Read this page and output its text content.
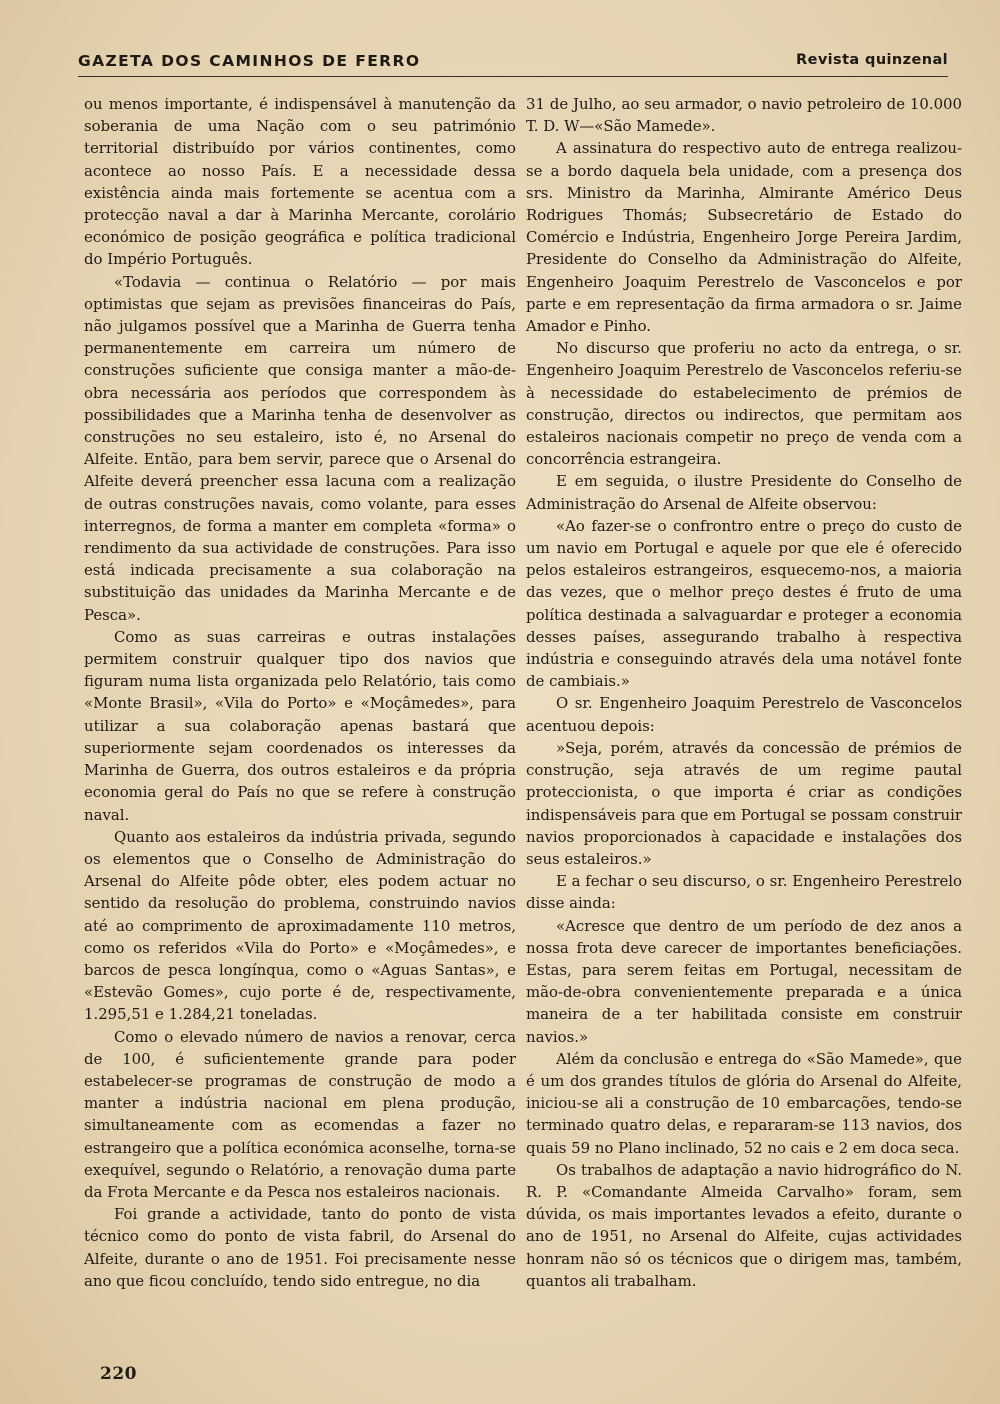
GAZETA DOS CAMINHOS DE FERRO	Revista quinzenal

ou menos importante, é indispensável à manutenção da soberania de uma Nação com o seu património territorial distribuído por vários continentes, como acontece ao nosso País. E a necessidade dessa existência ainda mais fortemente se acentua com a protecção naval a dar à Marinha Mercante, corolário económico de posição geográfica e política tradicional do Império Português.

«Todavia — continua o Relatório — por mais optimistas que sejam as previsões financeiras do País, não julgamos possível que a Marinha de Guerra tenha permanentemente em carreira um número de construções suficiente que consiga manter a mão-de-obra necessária aos períodos que correspondem às possibilidades que a Marinha tenha de desenvolver as construções no seu estaleiro, isto é, no Arsenal do Alfeite. Então, para bem servir, parece que o Arsenal do Alfeite deverá preencher essa lacuna com a realização de outras construções navais, como volante, para esses interregnos, de forma a manter em completa «forma» o rendimento da sua actividade de construções. Para isso está indicada precisamente a sua colaboração na substituição das unidades da Marinha Mercante e de Pesca».

Como as suas carreiras e outras instalações permitem construir qualquer tipo dos navios que figuram numa lista organizada pelo Relatório, tais como «Monte Brasil», «Vila do Porto» e «Moçâmedes», para utilizar a sua colaboração apenas bastará que superiormente sejam coordenados os interesses da Marinha de Guerra, dos outros estaleiros e da própria economia geral do País no que se refere à construção naval.

Quanto aos estaleiros da indústria privada, segundo os elementos que o Conselho de Administração do Arsenal do Alfeite pôde obter, eles podem actuar no sentido da resolução do problema, construindo navios até ao comprimento de aproximadamente 110 metros, como os referidos «Vila do Porto» e «Moçâmedes», e barcos de pesca longínqua, como o «Aguas Santas», e «Estevão Gomes», cujo porte é de, respectivamente, 1.295,51 e 1.284,21 toneladas.

Como o elevado número de navios a renovar, cerca de 100, é suficientemente grande para poder estabelecer-se programas de construção de modo a manter a indústria nacional em plena produção, simultaneamente com as ecomendas a fazer no estrangeiro que a política económica aconselhe, torna-se exequível, segundo o Relatório, a renovação duma parte da Frota Mercante e da Pesca nos estaleiros nacionais.

Foi grande a actividade, tanto do ponto de vista técnico como do ponto de vista fabril, do Arsenal do Alfeite, durante o ano de 1951. Foi precisamente nesse ano que ficou concluído, tendo sido entregue, no dia

31 de Julho, ao seu armador, o navio petroleiro de 10.000 T. D. W—«São Mamede».

A assinatura do respectivo auto de entrega realizou-se a bordo daquela bela unidade, com a presença dos srs. Ministro da Marinha, Almirante Américo Deus Rodrigues Thomás; Subsecretário de Estado do Comércio e Indústria, Engenheiro Jorge Pereira Jardim, Presidente do Conselho da Administração do Alfeite, Engenheiro Joaquim Perestrelo de Vasconcelos e por parte e em representação da firma armadora o sr. Jaime Amador e Pinho.

No discurso que proferiu no acto da entrega, o sr. Engenheiro Joaquim Perestrelo de Vasconcelos referiu-se à necessidade do estabelecimento de prémios de construção, directos ou indirectos, que permitam aos estaleiros nacionais competir no preço de venda com a concorrência estrangeira.

E em seguida, o ilustre Presidente do Conselho de Administração do Arsenal de Alfeite observou:

«Ao fazer-se o confrontro entre o preço do custo de um navio em Portugal e aquele por que ele é oferecido pelos estaleiros estrangeiros, esquecemo-nos, a maioria das vezes, que o melhor preço destes é fruto de uma política destinada a salvaguardar e proteger a economia desses países, assegurando trabalho à respectiva indústria e conseguindo através dela uma notável fonte de cambiais.»

O sr. Engenheiro Joaquim Perestrelo de Vasconcelos acentuou depois:

»Seja, porém, através da concessão de prémios de construção, seja através de um regime pautal proteccionista, o que importa é criar as condições indispensáveis para que em Portugal se possam construir navios proporcionados à capacidade e instalações dos seus estaleiros.»

E a fechar o seu discurso, o sr. Engenheiro Perestrelo disse ainda:

«Acresce que dentro de um período de dez anos a nossa frota deve carecer de importantes beneficiações. Estas, para serem feitas em Portugal, necessitam de mão-de-obra convenientemente preparada e a única maneira de a ter habilitada consiste em construir navios.»

Além da conclusão e entrega do «São Mamede», que é um dos grandes títulos de glória do Arsenal do Alfeite, iniciou-se ali a construção de 10 embarcações, tendo-se terminado quatro delas, e repararam-se 113 navios, dos quais 59 no Plano inclinado, 52 no cais e 2 em doca seca.

Os trabalhos de adaptação a navio hidrográfico do N. R. P. «Comandante Almeida Carvalho» foram, sem dúvida, os mais importantes levados a efeito, durante o ano de 1951, no Arsenal do Alfeite, cujas actividades honram não só os técnicos que o dirigem mas, também, quantos ali trabalham.

220
